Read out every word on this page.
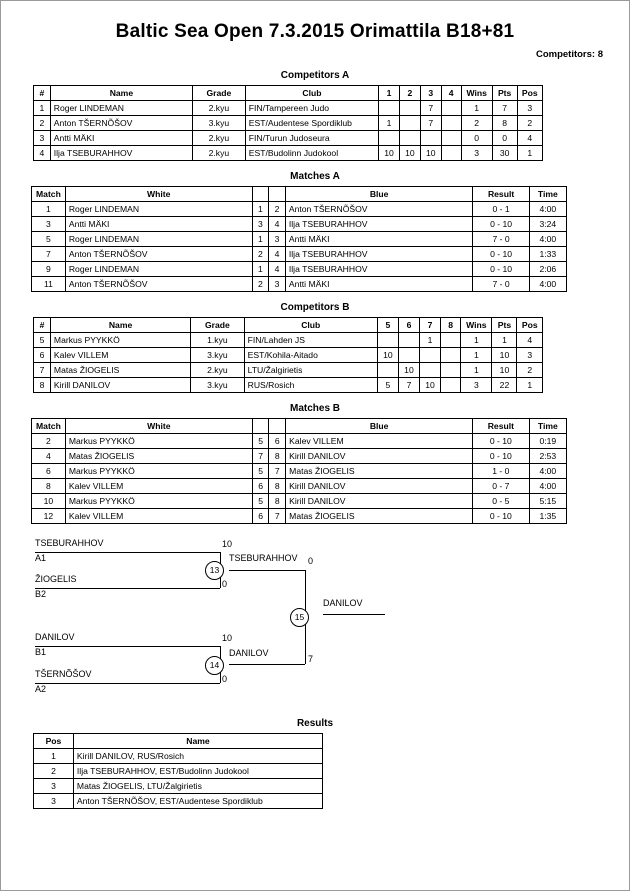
Baltic Sea Open 7.3.2015 Orimattila B18+81
Competitors: 8
Competitors A
#	Name	Grade	Club	1	2	3	4	Wins	Pts	Pos
1	Roger LINDEMAN	2.kyu	FIN/Tampereen Judo			7		1	7	3
2	Anton TŠERNÕŠOV	3.kyu	EST/Audentese Spordiklub	1		7		2	8	2
3	Antti MÄKI	2.kyu	FIN/Turun Judoseura					0	0	4
4	Ilja TSEBURAHHOV	2.kyu	EST/Budolinn Judokool	10	10	10		3	30	1
Matches A
Match	White			Blue	Result	Time
1	Roger LINDEMAN	1	2	Anton TŠERNÕŠOV	0 - 1	4:00
3	Antti MÄKI	3	4	Ilja TSEBURAHHOV	0 - 10	3:24
5	Roger LINDEMAN	1	3	Antti MÄKI	7 - 0	4:00
7	Anton TŠERNÕŠOV	2	4	Ilja TSEBURAHHOV	0 - 10	1:33
9	Roger LINDEMAN	1	4	Ilja TSEBURAHHOV	0 - 10	2:06
11	Anton TŠERNÕŠOV	2	3	Antti MÄKI	7 - 0	4:00
Competitors B
#	Name	Grade	Club	5	6	7	8	Wins	Pts	Pos
5	Markus PYYKKÖ	1.kyu	FIN/Lahden JS			1		1	1	4
6	Kalev VILLEM	3.kyu	EST/Kohila-Aitado	10				1	10	3
7	Matas ŽIOGELIS	2.kyu	LTU/Žalgirietis		10			1	10	2
8	Kirill DANILOV	3.kyu	RUS/Rosich	5	7	10		3	22	1
Matches B
Match	White			Blue	Result	Time
2	Markus PYYKKÖ	5	6	Kalev VILLEM	0 - 10	0:19
4	Matas ŽIOGELIS	7	8	Kirill DANILOV	0 - 10	2:53
6	Markus PYYKKÖ	5	7	Matas ŽIOGELIS	1 - 0	4:00
8	Kalev VILLEM	6	8	Kirill DANILOV	0 - 7	4:00
10	Markus PYYKKÖ	5	8	Kirill DANILOV	0 - 5	5:15
12	Kalev VILLEM	6	7	Matas ŽIOGELIS	0 - 10	1:35
TSEBURAHHOV
A1
ŽIOGELIS
B2
10
0
13
TSEBURAHHOV
DANILOV
B1
TŠERNÕŠOV
A2
10
0
14
DANILOV
0
7
15
DANILOV
Results
Pos	Name
1	Kirill DANILOV, RUS/Rosich
2	Ilja TSEBURAHHOV, EST/Budolinn Judokool
3	Matas ŽIOGELIS, LTU/Žalgirietis
3	Anton TŠERNÕŠOV, EST/Audentese Spordiklub
